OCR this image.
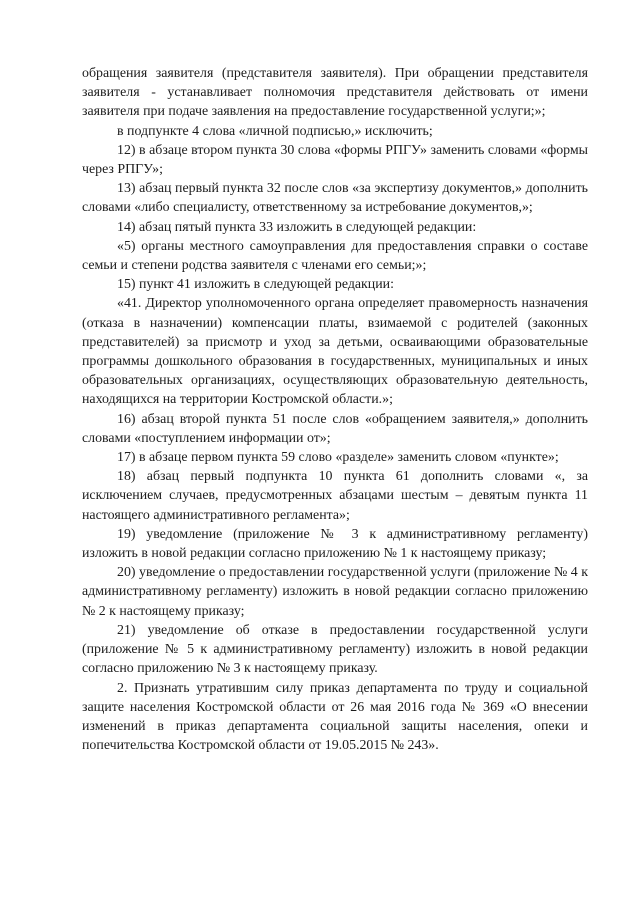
обращения заявителя (представителя заявителя). При обращении представителя заявителя - устанавливает полномочия представителя действовать от имени заявителя при подаче заявления на предоставление государственной услуги;»;

в подпункте 4 слова «личной подписью,» исключить;

12) в абзаце втором пункта 30 слова «формы РПГУ» заменить словами «формы через РПГУ»;

13) абзац первый пункта 32 после слов «за экспертизу документов,» дополнить словами «либо специалисту, ответственному за истребование документов,»;

14) абзац пятый пункта 33 изложить в следующей редакции:

«5) органы местного самоуправления для предоставления справки о составе семьи и степени родства заявителя с членами его семьи;»;

15) пункт 41 изложить в следующей редакции:

«41. Директор уполномоченного органа определяет правомерность назначения (отказа в назначении) компенсации платы, взимаемой с родителей (законных представителей) за присмотр и уход за детьми, осваивающими образовательные программы дошкольного образования в государственных, муниципальных и иных образовательных организациях, осуществляющих образовательную деятельность, находящихся на территории Костромской области.»;

16) абзац второй пункта 51 после слов «обращением заявителя,» дополнить словами «поступлением информации от»;

17) в абзаце первом пункта 59 слово «разделе» заменить словом «пункте»;

18) абзац первый подпункта 10 пункта 61 дополнить словами «, за исключением случаев, предусмотренных абзацами шестым – девятым пункта 11 настоящего административного регламента»;

19) уведомление (приложение № 3 к административному регламенту) изложить в новой редакции согласно приложению № 1 к настоящему приказу;

20) уведомление о предоставлении государственной услуги (приложение № 4 к административному регламенту) изложить в новой редакции согласно приложению № 2 к настоящему приказу;

21) уведомление об отказе в предоставлении государственной услуги (приложение № 5 к административному регламенту) изложить в новой редакции согласно приложению № 3 к настоящему приказу.

2. Признать утратившим силу приказ департамента по труду и социальной защите населения Костромской области от 26 мая 2016 года № 369 «О внесении изменений в приказ департамента социальной защиты населения, опеки и попечительства Костромской области от 19.05.2015 № 243».
